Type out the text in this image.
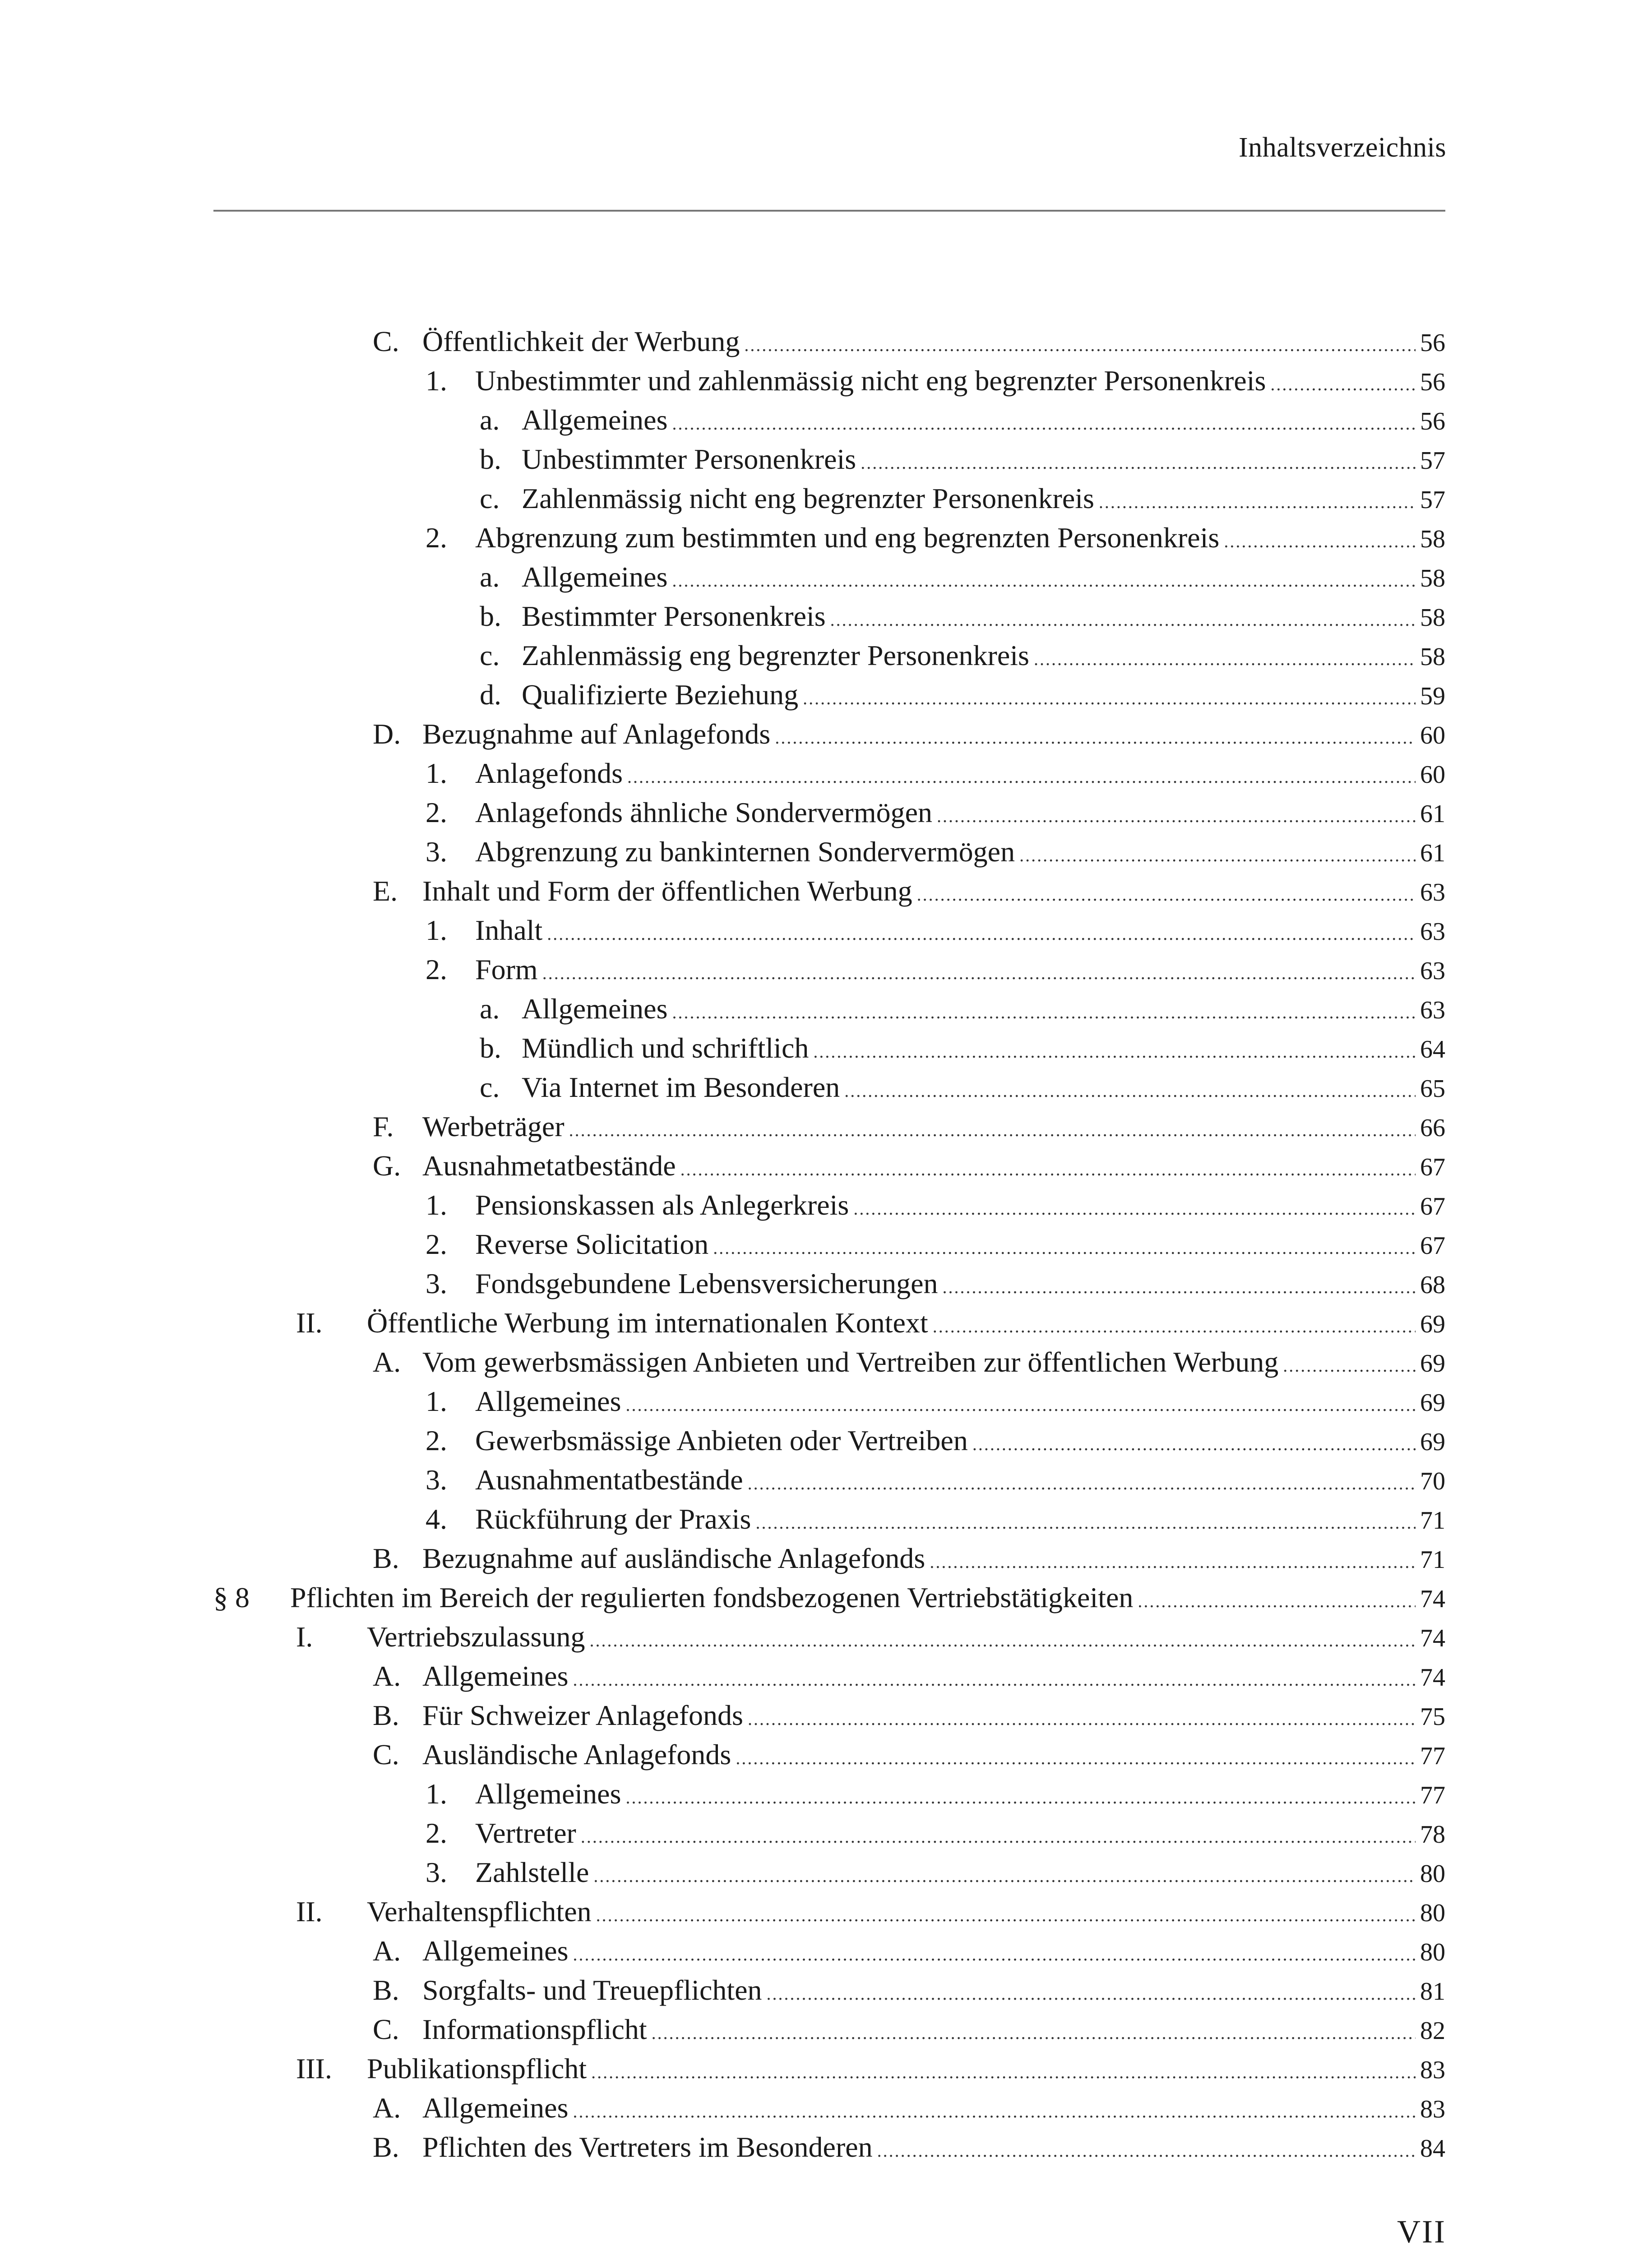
Inhaltsverzeichnis
C. Öffentlichkeit der Werbung .....	56
1. Unbestimmter und zahlenmässig nicht eng begrenzter Personenkreis .....	56
a. Allgemeines .....	56
b. Unbestimmter Personenkreis .....	57
c. Zahlenmässig nicht eng begrenzter Personenkreis .....	57
2. Abgrenzung zum bestimmten und eng begrenzten Personenkreis .....	58
a. Allgemeines .....	58
b. Bestimmter Personenkreis .....	58
c. Zahlenmässig eng begrenzter Personenkreis .....	58
d. Qualifizierte Beziehung .....	59
D. Bezugnahme auf Anlagefonds .....	60
1. Anlagefonds .....	60
2. Anlagefonds ähnliche Sondervermögen .....	61
3. Abgrenzung zu bankinternen Sondervermögen .....	61
E. Inhalt und Form der öffentlichen Werbung .....	63
1. Inhalt .....	63
2. Form .....	63
a. Allgemeines .....	63
b. Mündlich und schriftlich .....	64
c. Via Internet im Besonderen .....	65
F. Werbeträger .....	66
G. Ausnahmetatbestände .....	67
1. Pensionskassen als Anlegerkreis .....	67
2. Reverse Solicitation .....	67
3. Fondsgebundene Lebensversicherungen .....	68
II. Öffentliche Werbung im internationalen Kontext .....	69
A. Vom gewerbsmässigen Anbieten und Vertreiben zur öffentlichen Werbung .....	69
1. Allgemeines .....	69
2. Gewerbsmässige Anbieten oder Vertreiben .....	69
3. Ausnahmentatbestände .....	70
4. Rückführung der Praxis .....	71
B. Bezugnahme auf ausländische Anlagefonds .....	71
§ 8 Pflichten im Bereich der regulierten fondsbezogenen Vertriebstätigkeiten .....	74
I. Vertriebszulassung .....	74
A. Allgemeines .....	74
B. Für Schweizer Anlagefonds .....	75
C. Ausländische Anlagefonds .....	77
1. Allgemeines .....	77
2. Vertreter .....	78
3. Zahlstelle .....	80
II. Verhaltenspflichten .....	80
A. Allgemeines .....	80
B. Sorgfalts- und Treuepflichten .....	81
C. Informationspflicht .....	82
III. Publikationspflicht .....	83
A. Allgemeines .....	83
B. Pflichten des Vertreters im Besonderen .....	84
VII
